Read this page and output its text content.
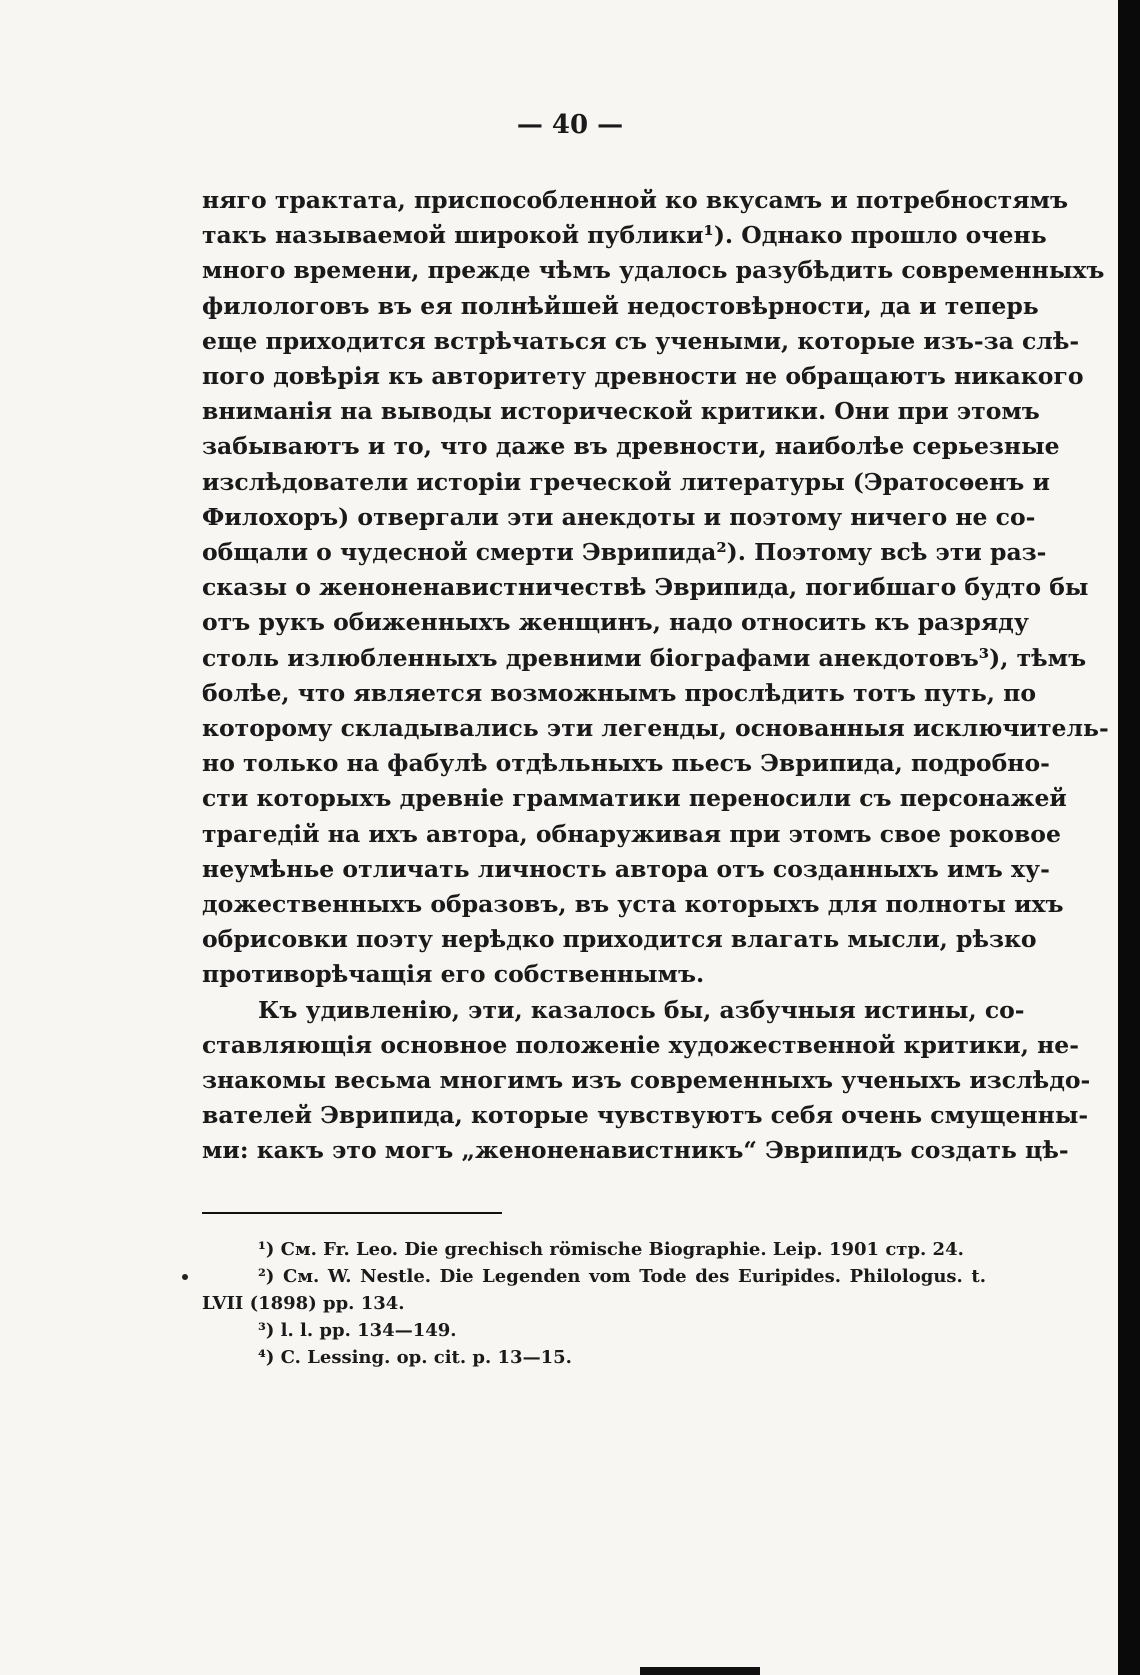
— 40 —
няго трактата, приспособленной ко вкусамъ и потребностямъ
такъ называемой широкой публики¹). Однако прошло очень
много времени, прежде чѣмъ удалось разубѣдить современныхъ
филологовъ въ ея полнѣйшей недостовѣрности, да и теперь
еще приходится встрѣчаться съ учеными, которые изъ-за слѣ-
пого довѣрія къ авторитету древности не обращаютъ никакого
вниманія на выводы исторической критики. Они при этомъ
забываютъ и то, что даже въ древности, наиболѣе серьезные
изслѣдователи исторіи греческой литературы (Эратосѳенъ и
Филохоръ) отвергали эти анекдоты и поэтому ничего не со-
общали о чудесной смерти Эврипида²). Поэтому всѣ эти раз-
сказы о женоненавистничествѣ Эврипида, погибшаго будто бы
отъ рукъ обиженныхъ женщинъ, надо относить къ разряду
столь излюбленныхъ древними біографами анекдотовъ³), тѣмъ
болѣе, что является возможнымъ прослѣдить тотъ путь, по
которому складывались эти легенды, основанныя исключитель-
но только на фабулѣ отдѣльныхъ пьесъ Эврипида, подробно-
сти которыхъ древніе грамматики переносили съ персонажей
трагедій на ихъ автора, обнаруживая при этомъ свое роковое
неумѣнье отличать личность автора отъ созданныхъ имъ ху-
дожественныхъ образовъ, въ уста которыхъ для полноты ихъ
обрисовки поэту нерѣдко приходится влагать мысли, рѣзко
противорѣчащія его собственнымъ.
Къ удивленію, эти, казалось бы, азбучныя истины, со-
ставляющія основное положеніе художественной критики, не-
знакомы весьма многимъ изъ современныхъ ученыхъ изслѣдо-
вателей Эврипида, которые чувствуютъ себя очень смущенны-
ми: какъ это могъ „женоненавистникъ“ Эврипидъ создать цѣ-
¹) См. Fr. Leo. Die grechisch römische Biographie. Leip. 1901 стр. 24.
²) См. W. Nestle. Die Legenden vom Tode des Euripides. Philologus. t.
LVII (1898) pp. 134.
³) l. l. pp. 134—149.
⁴) C. Lessing. op. cit. p. 13—15.
